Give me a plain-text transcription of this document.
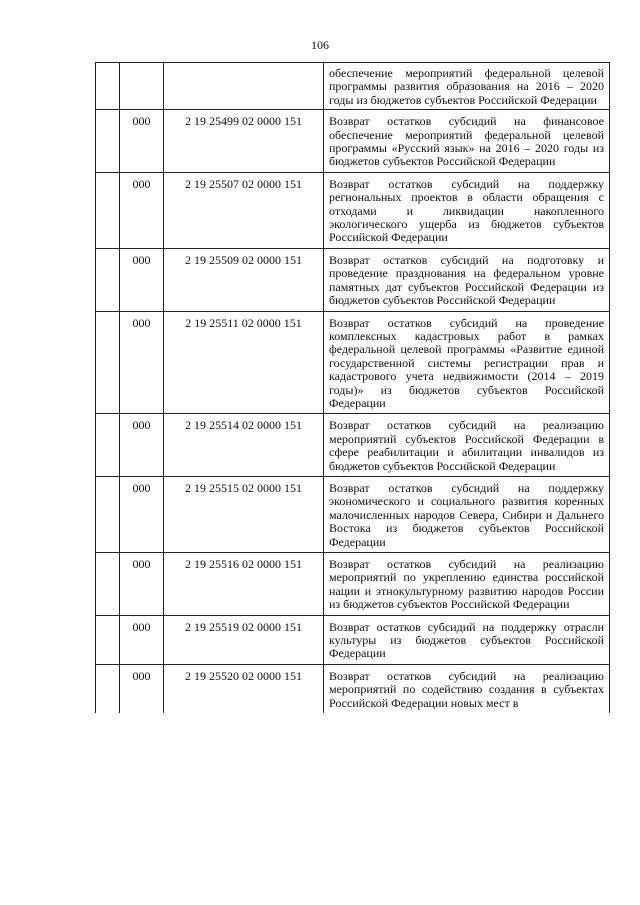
106
			обеспечение мероприятий федеральной целевой программы развития образования на 2016 – 2020 годы из бюджетов субъектов Российской Федерации
	000	2 19 25499 02 0000 151	Возврат остатков субсидий на финансовое обеспечение мероприятий федеральной целевой программы «Русский язык» на 2016 – 2020 годы из бюджетов субъектов Российской Федерации
	000	2 19 25507 02 0000 151	Возврат остатков субсидий на поддержку региональных проектов в области обращения с отходами и ликвидации накопленного экологического ущерба из бюджетов субъектов Российской Федерации
	000	2 19 25509 02 0000 151	Возврат остатков субсидий на подготовку и проведение празднования на федеральном уровне памятных дат субъектов Российской Федерации из бюджетов субъектов Российской Федерации
	000	2 19 25511 02 0000 151	Возврат остатков субсидий на проведение комплексных кадастровых работ в рамках федеральной целевой программы «Развитие единой государственной системы регистрации прав и кадастрового учета недвижимости (2014 – 2019 годы)» из бюджетов субъектов Российской Федерации
	000	2 19 25514 02 0000 151	Возврат остатков субсидий на реализацию мероприятий субъектов Российской Федерации в сфере реабилитации и абилитации инвалидов из бюджетов субъектов Российской Федерации
	000	2 19 25515 02 0000 151	Возврат остатков субсидий на поддержку экономического и социального развития коренных малочисленных народов Севера, Сибири и Дальнего Востока из бюджетов субъектов Российской Федерации
	000	2 19 25516 02 0000 151	Возврат остатков субсидий на реализацию мероприятий по укреплению единства российской нации и этнокультурному развитию народов России из бюджетов субъектов Российской Федерации
	000	2 19 25519 02 0000 151	Возврат остатков субсидий на поддержку отрасли культуры из бюджетов субъектов Российской Федерации
	000	2 19 25520 02 0000 151	Возврат остатков субсидий на реализацию мероприятий по содействию создания в субъектах Российской Федерации новых мест в
